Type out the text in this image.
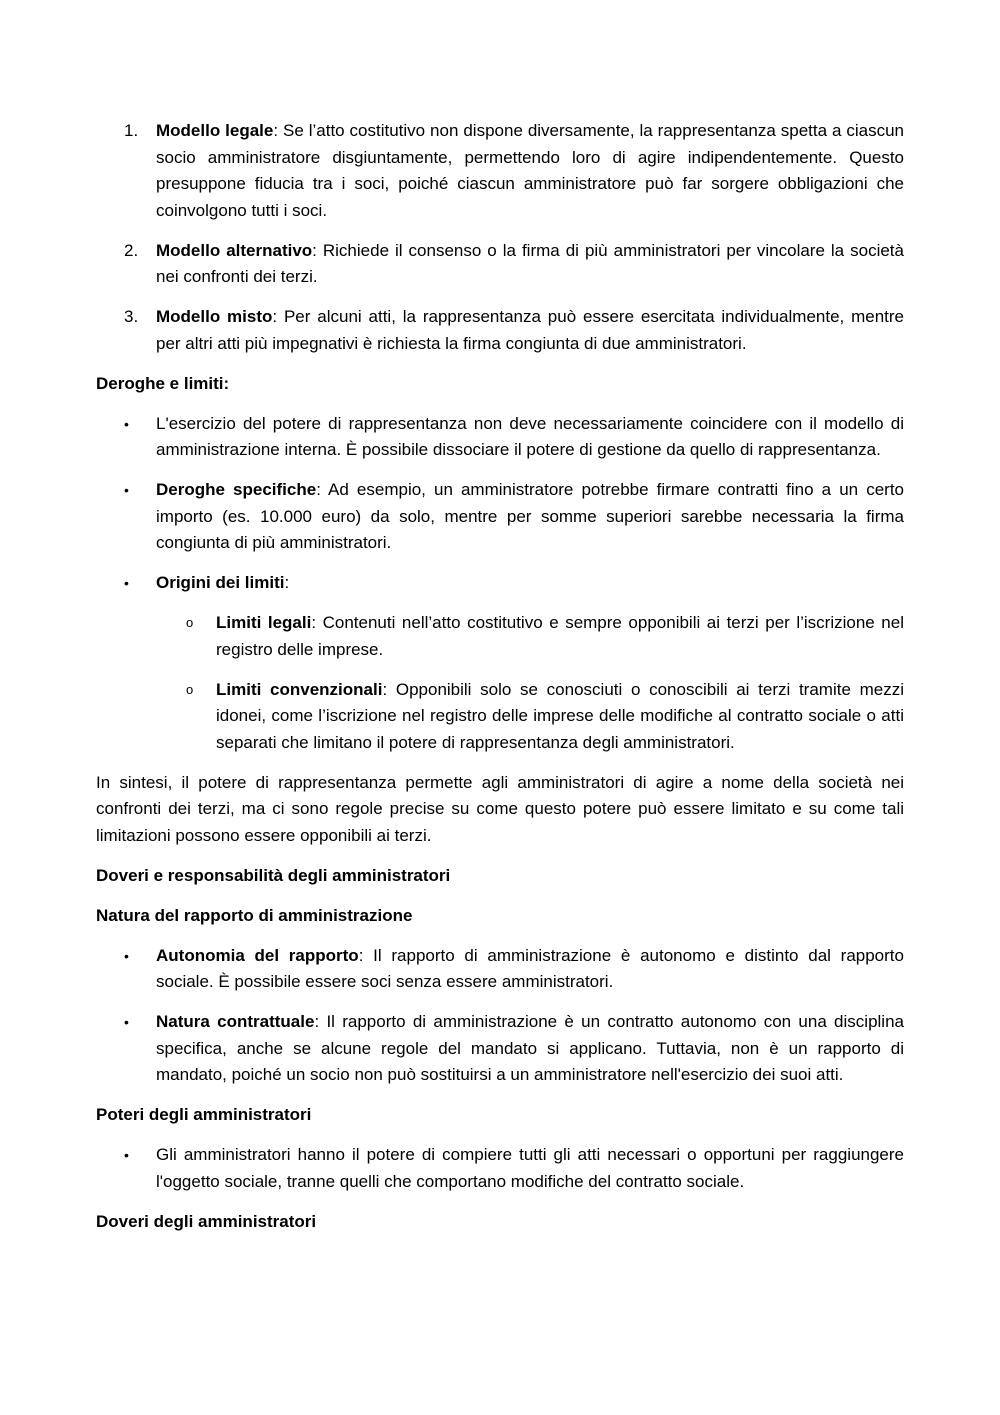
1. Modello legale: Se l’atto costitutivo non dispone diversamente, la rappresentanza spetta a ciascun socio amministratore disgiuntamente, permettendo loro di agire indipendentemente. Questo presuppone fiducia tra i soci, poiché ciascun amministratore può far sorgere obbligazioni che coinvolgono tutti i soci.

2. Modello alternativo: Richiede il consenso o la firma di più amministratori per vincolare la società nei confronti dei terzi.

3. Modello misto: Per alcuni atti, la rappresentanza può essere esercitata individualmente, mentre per altri atti più impegnativi è richiesta la firma congiunta di due amministratori.

Deroghe e limiti:

• L'esercizio del potere di rappresentanza non deve necessariamente coincidere con il modello di amministrazione interna. È possibile dissociare il potere di gestione da quello di rappresentanza.

• Deroghe specifiche: Ad esempio, un amministratore potrebbe firmare contratti fino a un certo importo (es. 10.000 euro) da solo, mentre per somme superiori sarebbe necessaria la firma congiunta di più amministratori.

• Origini dei limiti:

o Limiti legali: Contenuti nell’atto costitutivo e sempre opponibili ai terzi per l’iscrizione nel registro delle imprese.

o Limiti convenzionali: Opponibili solo se conosciuti o conoscibili ai terzi tramite mezzi idonei, come l’iscrizione nel registro delle imprese delle modifiche al contratto sociale o atti separati che limitano il potere di rappresentanza degli amministratori.

In sintesi, il potere di rappresentanza permette agli amministratori di agire a nome della società nei confronti dei terzi, ma ci sono regole precise su come questo potere può essere limitato e su come tali limitazioni possono essere opponibili ai terzi.

Doveri e responsabilità degli amministratori

Natura del rapporto di amministrazione

• Autonomia del rapporto: Il rapporto di amministrazione è autonomo e distinto dal rapporto sociale. È possibile essere soci senza essere amministratori.

• Natura contrattuale: Il rapporto di amministrazione è un contratto autonomo con una disciplina specifica, anche se alcune regole del mandato si applicano. Tuttavia, non è un rapporto di mandato, poiché un socio non può sostituirsi a un amministratore nell'esercizio dei suoi atti.

Poteri degli amministratori

• Gli amministratori hanno il potere di compiere tutti gli atti necessari o opportuni per raggiungere l'oggetto sociale, tranne quelli che comportano modifiche del contratto sociale.

Doveri degli amministratori
